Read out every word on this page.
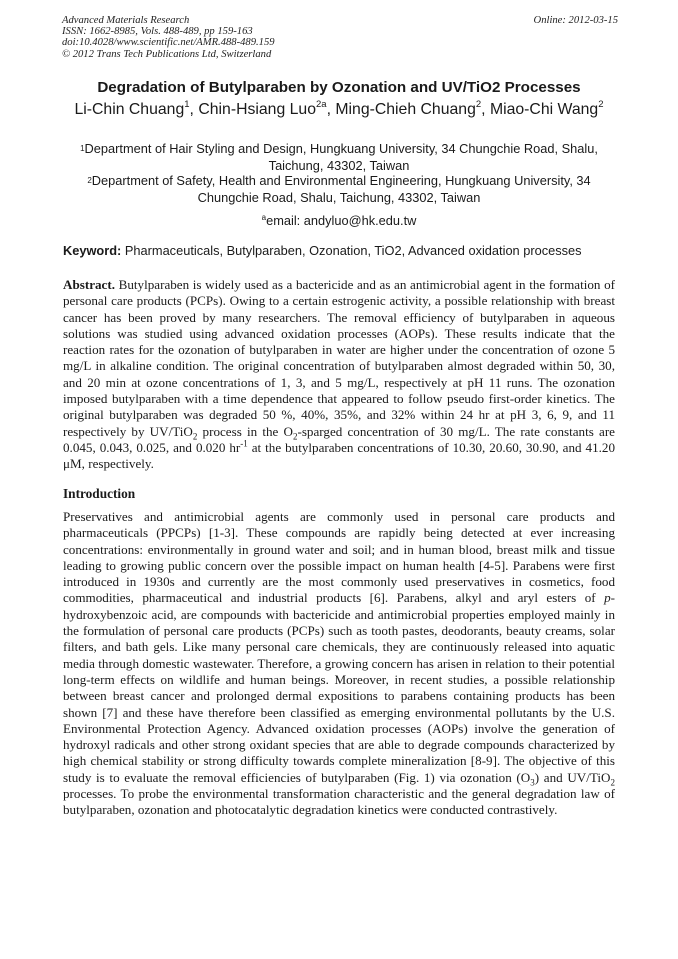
Advanced Materials Research
ISSN: 1662-8985, Vols. 488-489, pp 159-163
doi:10.4028/www.scientific.net/AMR.488-489.159
© 2012 Trans Tech Publications Ltd, Switzerland
Online: 2012-03-15
Degradation of Butylparaben by Ozonation and UV/TiO2 Processes
Li-Chin Chuang$^1$, Chin-Hsiang Luo$^{2a}$, Ming-Chieh Chuang$^2$, Miao-Chi Wang$^2$
$^1$Department of Hair Styling and Design, Hungkuang University, 34 Chungchie Road, Shalu, Taichung, 43302, Taiwan
$^2$Department of Safety, Health and Environmental Engineering, Hungkuang University, 34 Chungchie Road, Shalu, Taichung, 43302, Taiwan
$^a$email: andyluo@hk.edu.tw
Keyword: Pharmaceuticals, Butylparaben, Ozonation, TiO2, Advanced oxidation processes
Abstract. Butylparaben is widely used as a bactericide and as an antimicrobial agent in the formation of personal care products (PCPs). Owing to a certain estrogenic activity, a possible relationship with breast cancer has been proved by many researchers. The removal efficiency of butylparaben in aqueous solutions was studied using advanced oxidation processes (AOPs). These results indicate that the reaction rates for the ozonation of butylparaben in water are higher under the concentration of ozone 5 mg/L in alkaline condition. The original concentration of butylparaben almost degraded within 50, 30, and 20 min at ozone concentrations of 1, 3, and 5 mg/L, respectively at pH 11 runs. The ozonation imposed butylparaben with a time dependence that appeared to follow pseudo first-order kinetics. The original butylparaben was degraded 50 %, 40%, 35%, and 32% within 24 hr at pH 3, 6, 9, and 11 respectively by UV/TiO$_2$ process in the $O_2$-sparged concentration of 30 mg/L. The rate constants are 0.045, 0.043, 0.025, and 0.020 $hr^{-1}$ at the butylparaben concentrations of 10.30, 20.60, 30.90, and 41.20 μM, respectively.
Introduction
Preservatives and antimicrobial agents are commonly used in personal care products and pharmaceuticals (PPCPs) [1-3]. These compounds are rapidly being detected at ever increasing concentrations: environmentally in ground water and soil; and in human blood, breast milk and tissue leading to growing public concern over the possible impact on human health [4-5]. Parabens were first introduced in 1930s and currently are the most commonly used preservatives in cosmetics, food commodities, pharmaceutical and industrial products [6]. Parabens, alkyl and aryl esters of p-hydroxybenzoic acid, are compounds with bactericide and antimicrobial properties employed mainly in the formulation of personal care products (PCPs) such as tooth pastes, deodorants, beauty creams, solar filters, and bath gels. Like many personal care chemicals, they are continuously released into aquatic media through domestic wastewater. Therefore, a growing concern has arisen in relation to their potential long-term effects on wildlife and human beings. Moreover, in recent studies, a possible relationship between breast cancer and prolonged dermal expositions to parabens containing products has been shown [7] and these have therefore been classified as emerging environmental pollutants by the U.S. Environmental Protection Agency. Advanced oxidation processes (AOPs) involve the generation of hydroxyl radicals and other strong oxidant species that are able to degrade compounds characterized by high chemical stability or strong difficulty towards complete mineralization [8-9]. The objective of this study is to evaluate the removal efficiencies of butylparaben (Fig. 1) via ozonation $(O_3)$ and UV/TiO$_2$ processes. To probe the environmental transformation characteristic and the general degradation law of butylparaben, ozonation and photocatalytic degradation kinetics were conducted contrastively.
